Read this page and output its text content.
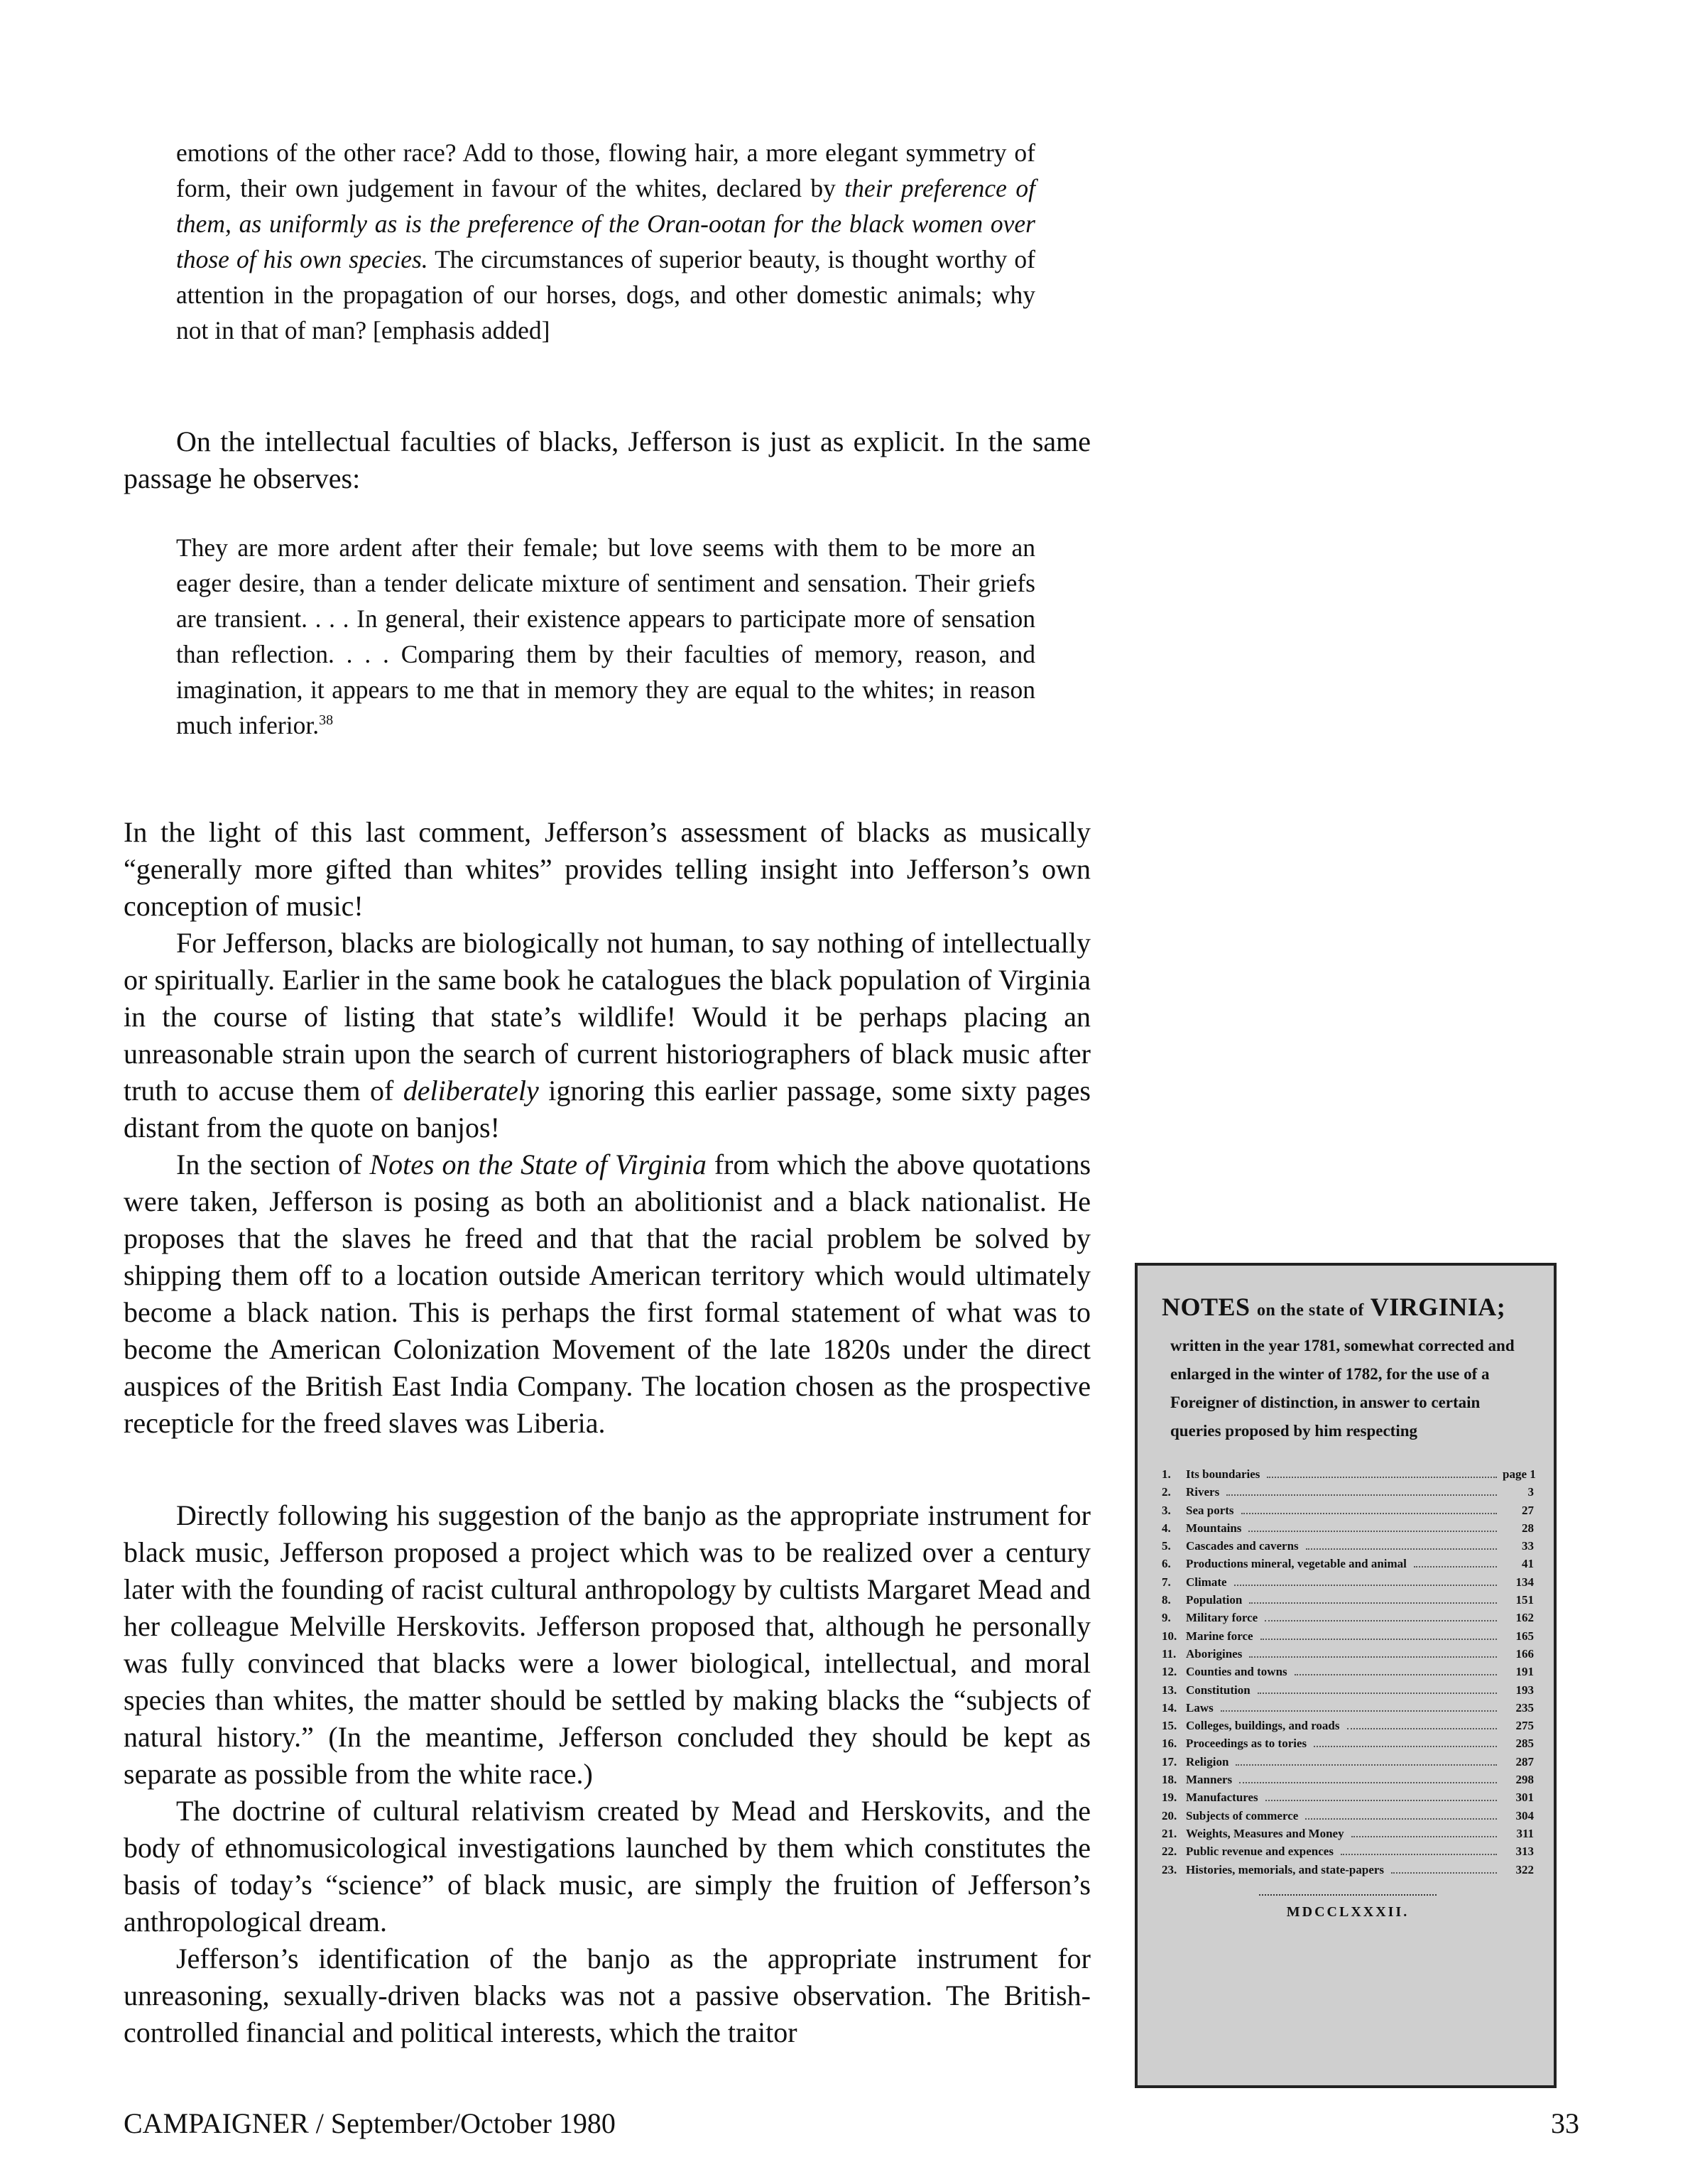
emotions of the other race? Add to those, flowing hair, a more elegant symmetry of form, their own judgement in favour of the whites, declared by their preference of them, as uniformly as is the preference of the Oran-ootan for the black women over those of his own species. The circumstances of superior beauty, is thought worthy of attention in the propagation of our horses, dogs, and other domestic animals; why not in that of man? [emphasis added]

On the intellectual faculties of blacks, Jefferson is just as explicit. In the same passage he observes:

They are more ardent after their female; but love seems with them to be more an eager desire, than a tender delicate mixture of sentiment and sensation. Their griefs are transient. . . . In general, their existence appears to participate more of sensation than reflection. . . . Comparing them by their faculties of memory, reason, and imagination, it appears to me that in memory they are equal to the whites; in reason much inferior.$^{38}$

In the light of this last comment, Jefferson’s assessment of blacks as musically “generally more gifted than whites” provides telling insight into Jefferson’s own conception of music!

For Jefferson, blacks are biologically not human, to say nothing of intellectually or spiritually. Earlier in the same book he catalogues the black population of Virginia in the course of listing that state’s wildlife! Would it be perhaps placing an unreasonable strain upon the search of current historiographers of black music after truth to accuse them of deliberately ignoring this earlier passage, some sixty pages distant from the quote on banjos!

In the section of Notes on the State of Virginia from which the above quotations were taken, Jefferson is posing as both an abolitionist and a black nationalist. He proposes that the slaves he freed and that that the racial problem be solved by shipping them off to a location outside American territory which would ultimately become a black nation. This is perhaps the first formal statement of what was to become the American Colonization Movement of the late 1820s under the direct auspices of the British East India Company. The location chosen as the prospective recepticle for the freed slaves was Liberia.

Directly following his suggestion of the banjo as the appropriate instrument for black music, Jefferson proposed a project which was to be realized over a century later with the founding of racist cultural anthropology by cultists Margaret Mead and her colleague Melville Herskovits. Jefferson proposed that, although he personally was fully convinced that blacks were a lower biological, intellectual, and moral species than whites, the matter should be settled by making blacks the “subjects of natural history.” (In the meantime, Jefferson concluded they should be kept as separate as possible from the white race.)

The doctrine of cultural relativism created by Mead and Herskovits, and the body of ethnomusicological investigations launched by them which constitutes the basis of today’s “science” of black music, are simply the fruition of Jefferson’s anthropological dream.

Jefferson’s identification of the banjo as the appropriate instrument for unreasoning, sexually-driven blacks was not a passive observation. The British-controlled financial and political interests, which the traitor

NOTES on the state of VIRGINIA;
written in the year 1781, somewhat corrected and enlarged in the winter of 1782, for the use of a Foreigner of distinction, in answer to certain queries proposed by him respecting
1.	Its boundaries	page 1
2.	Rivers	3
3.	Sea ports	27
4.	Mountains	28
5.	Cascades and caverns	33
6.	Productions mineral, vegetable and animal	41
7.	Climate	134
8.	Population	151
9.	Military force	162
10. Marine force	165
11. Aborigines	166
12. Counties and towns	191
13. Constitution	193
14. Laws	235
15. Colleges, buildings, and roads	275
16. Proceedings as to tories	285
17. Religion	287
18. Manners	298
19. Manufactures	301
20. Subjects of commerce	304
21. Weights, Measures and Money	311
22. Public revenue and expences	313
23. Histories, memorials, and state-papers	322
MDCCLXXXII.
CAMPAIGNER / September/October 1980	33
